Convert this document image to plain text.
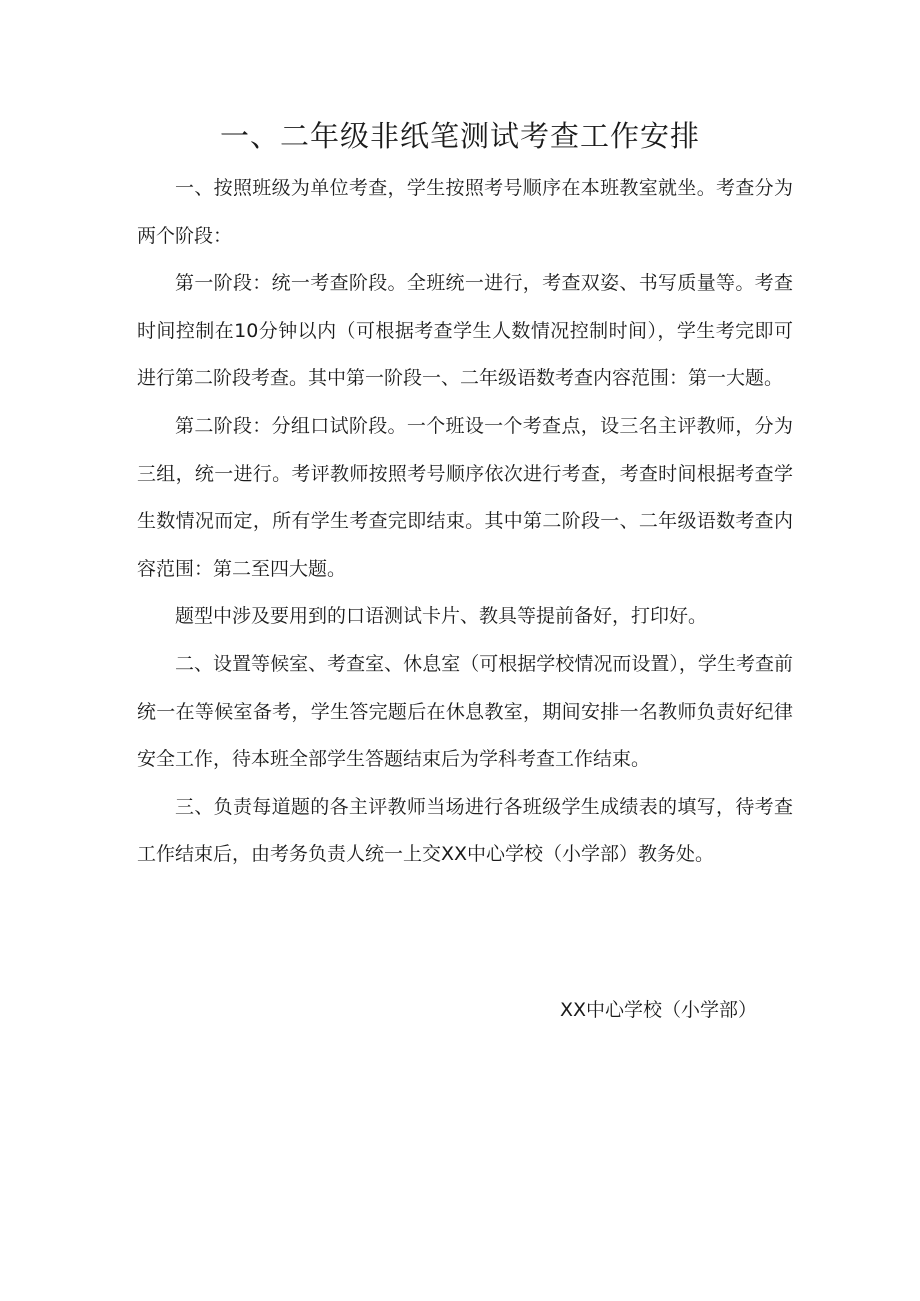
一、二年级非纸笔测试考查工作安排

一、按照班级为单位考查，学生按照考号顺序在本班教室就坐。考查分为两个阶段：

第一阶段：统一考查阶段。全班统一进行，考查双姿、书写质量等。考查时间控制在10分钟以内（可根据考查学生人数情况控制时间），学生考完即可进行第二阶段考查。其中第一阶段一、二年级语数考查内容范围：第一大题。

第二阶段：分组口试阶段。一个班设一个考查点，设三名主评教师，分为三组，统一进行。考评教师按照考号顺序依次进行考查，考查时间根据考查学生数情况而定，所有学生考查完即结束。其中第二阶段一、二年级语数考查内容范围：第二至四大题。

题型中涉及要用到的口语测试卡片、教具等提前备好，打印好。

二、设置等候室、考查室、休息室（可根据学校情况而设置），学生考查前统一在等候室备考，学生答完题后在休息教室，期间安排一名教师负责好纪律安全工作，待本班全部学生答题结束后为学科考查工作结束。

三、负责每道题的各主评教师当场进行各班级学生成绩表的填写，待考查工作结束后，由考务负责人统一上交XX中心学校（小学部）教务处。

XX中心学校（小学部）
